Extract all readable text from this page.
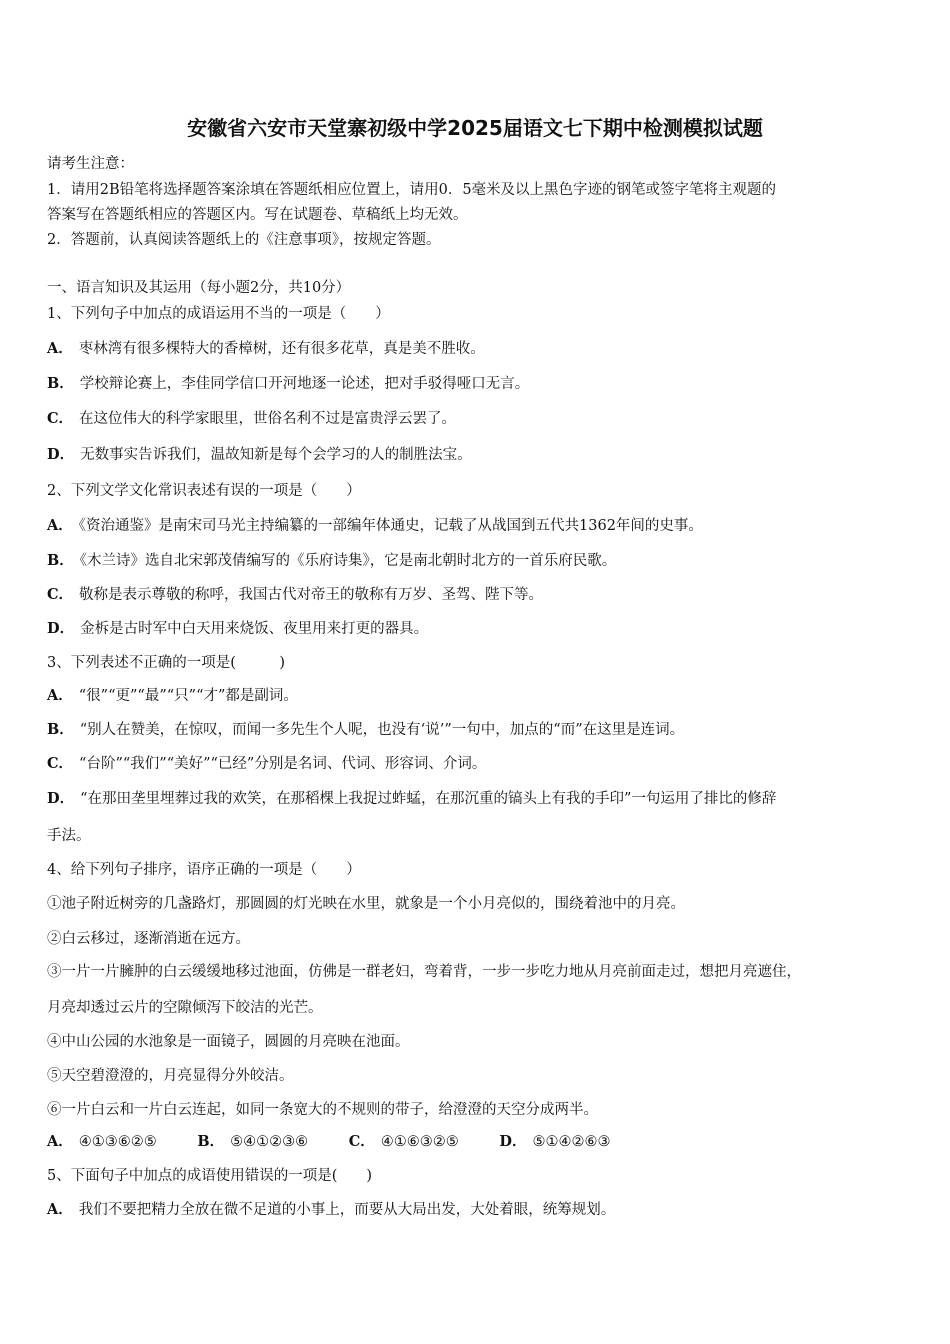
安徽省六安市天堂寨初级中学2025届语文七下期中检测模拟试题
请考生注意：
1．请用2B铅笔将选择题答案涂填在答题纸相应位置上，请用0．5毫米及以上黑色字迹的钢笔或签字笔将主观题的
答案写在答题纸相应的答题区内。写在试题卷、草稿纸上均无效。
2．答题前，认真阅读答题纸上的《注意事项》，按规定答题。
一、语言知识及其运用（每小题2分，共10分）
1、下列句子中加点的成语运用不当的一项是（　　）
A． 枣林湾有很多棵特大的香樟树，还有很多花草，真是美不胜收。
B． 学校辩论赛上，李佳同学信口开河地逐一论述，把对手驳得哑口无言。
C． 在这位伟大的科学家眼里，世俗名利不过是富贵浮云罢了。
D． 无数事实告诉我们，温故知新是每个会学习的人的制胜法宝。
2、下列文学文化常识表述有误的一项是（　　）
A． 《资治通鉴》是南宋司马光主持编纂的一部编年体通史，记载了从战国到五代共1362年间的史事。
B． 《木兰诗》选自北宋郭茂倩编写的《乐府诗集》，它是南北朝时北方的一首乐府民歌。
C． 敬称是表示尊敬的称呼，我国古代对帝王的敬称有万岁、圣驾、陛下等。
D． 金柝是古时军中白天用来烧饭、夜里用来打更的器具。
3、下列表述不正确的一项是(　　　)
A． “很”“更”“最”“只”“才”都是副词。
B． “别人在赞美，在惊叹，而闻一多先生个人呢，也没有‘说’”一句中，加点的“而”在这里是连词。
C． “台阶”“我们”“美好”“已经”分别是名词、代词、形容词、介词。
D． “在那田垄里埋葬过我的欢笑，在那稻棵上我捉过蚱蜢，在那沉重的镐头上有我的手印”一句运用了排比的修辞
手法。
4、给下列句子排序，语序正确的一项是（　　）
①池子附近树旁的几盏路灯，那圆圆的灯光映在水里，就象是一个小月亮似的，围绕着池中的月亮。
②白云移过，逐渐消逝在远方。
③一片一片臃肿的白云缓缓地移过池面，仿佛是一群老妇，弯着背，一步一步吃力地从月亮前面走过，想把月亮遮住，
月亮却透过云片的空隙倾泻下皎洁的光芒。
④中山公园的水池象是一面镜子，圆圆的月亮映在池面。
⑤天空碧澄澄的，月亮显得分外皎洁。
⑥一片白云和一片白云连起，如同一条宽大的不规则的带子，给澄澄的天空分成两半。
A． ④①③⑥②⑤	B． ⑤④①②③⑥	C． ④①⑥③②⑤	D． ⑤①④②⑥③
5、下面句子中加点的成语使用错误的一项是(　　)
A． 我们不要把精力全放在微不足道的小事上，而要从大局出发，大处着眼，统筹规划。
